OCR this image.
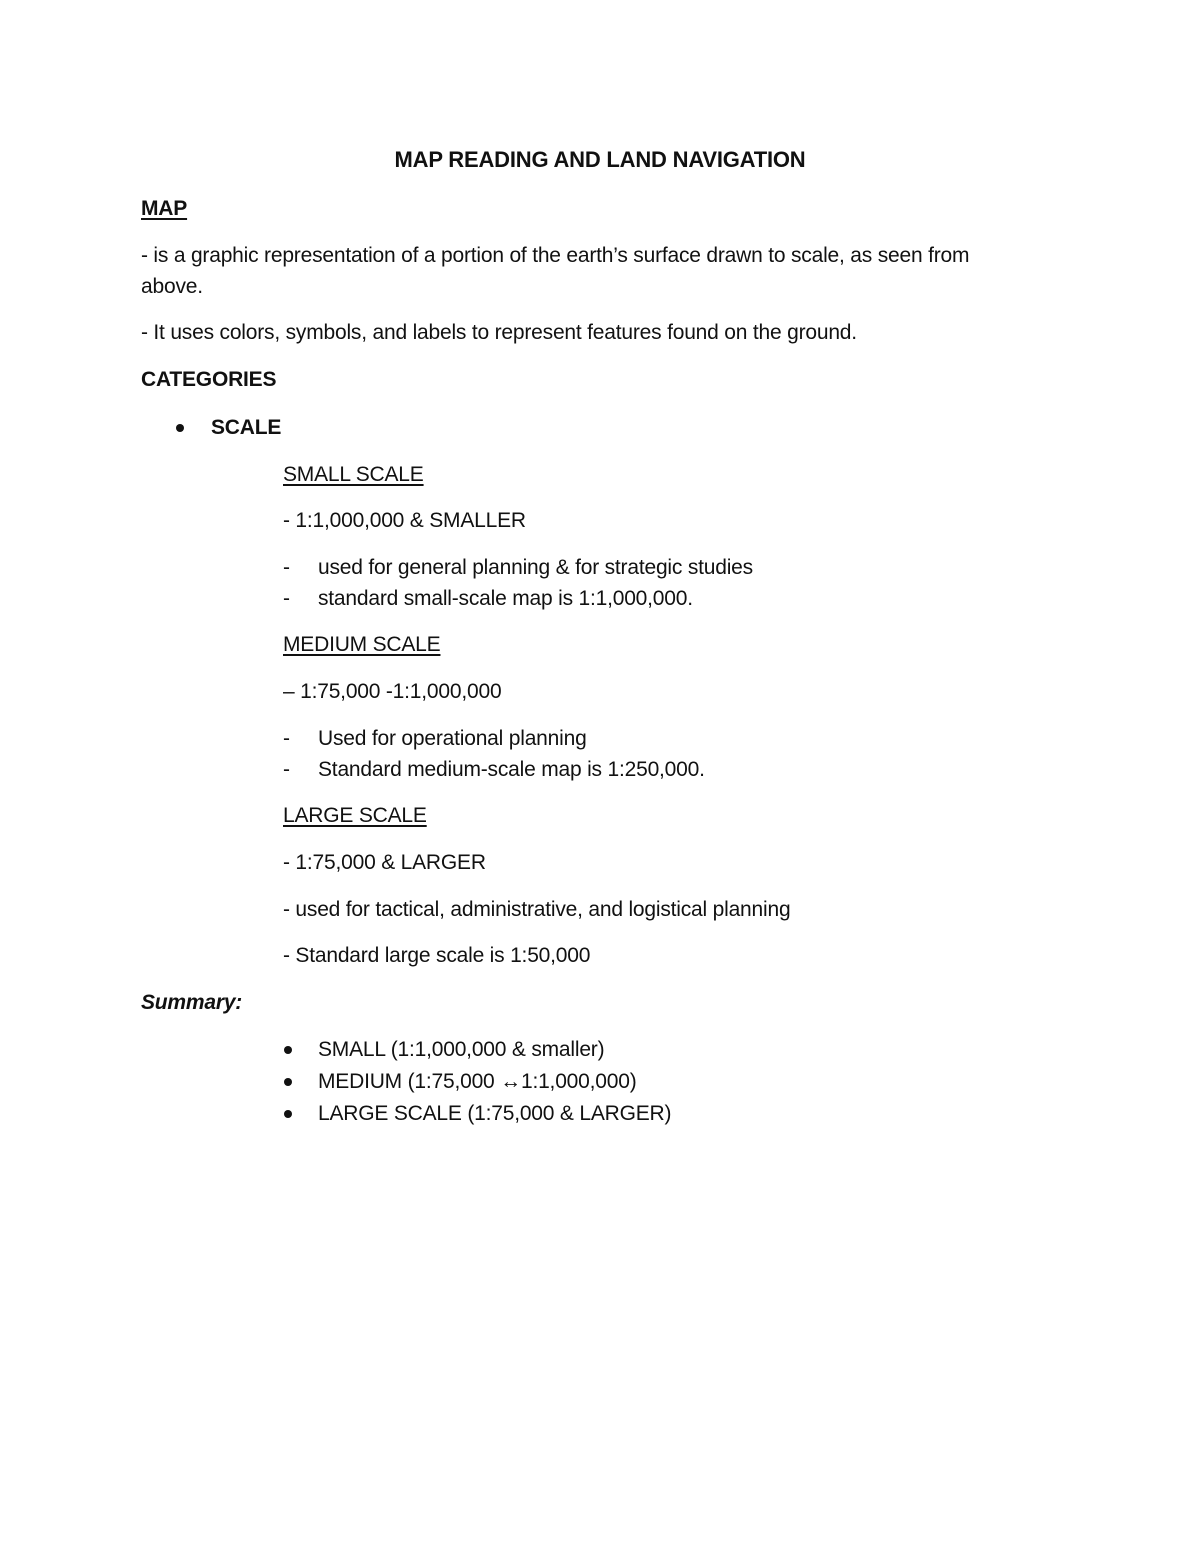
MAP READING AND LAND NAVIGATION
MAP
- is a graphic representation of a portion of the earth’s surface drawn to scale, as seen from
above.
- It uses colors, symbols, and labels to represent features found on the ground.
CATEGORIES
SCALE
SMALL SCALE
- 1:1,000,000 & SMALLER
- used for general planning & for strategic studies
- standard small-scale map is 1:1,000,000.
MEDIUM SCALE
– 1:75,000 -1:1,000,000
- Used for operational planning
- Standard medium-scale map is 1:250,000.
LARGE SCALE
- 1:75,000 & LARGER
- used for tactical, administrative, and logistical planning
- Standard large scale is 1:50,000
Summary:
SMALL (1:1,000,000 & smaller)
MEDIUM (1:75,000 ↔1:1,000,000)
LARGE SCALE (1:75,000 & LARGER)
